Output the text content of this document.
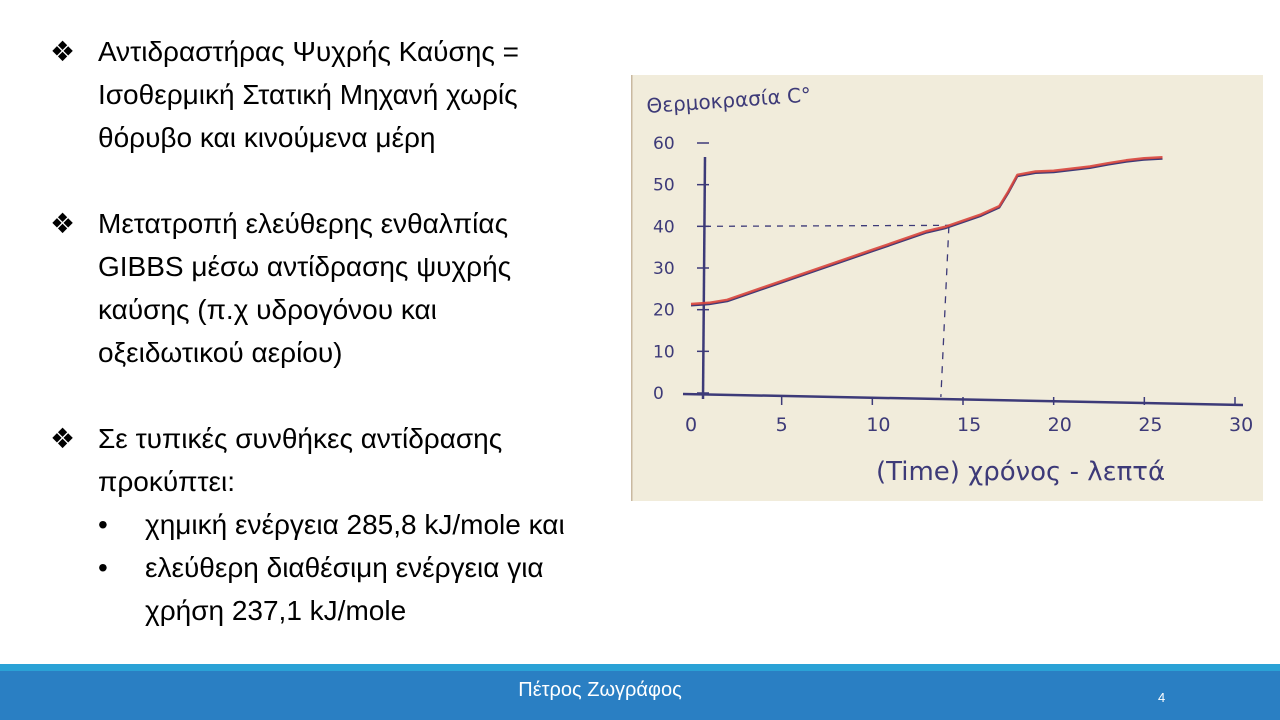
❖ Αντιδραστήρας Ψυχρής Καύσης =
Ισοθερμική Στατική Μηχανή χωρίς
θόρυβο και κινούμενα μέρη
❖ Μετατροπή ελεύθερης ενθαλπίας
GIBBS μέσω αντίδρασης ψυχρής
καύσης (π.χ υδρογόνου και
οξειδωτικού αερίου)
❖ Σε τυπικές συνθήκες αντίδρασης
προκύπτει:
• χημική ενέργεια 285,8 kJ/mole και
• ελεύθερη διαθέσιμη ενέργεια για
χρήση 237,1 kJ/mole
0	5	10	15	20	25	30
0
10
20
30
40
50
60
Θερμοκρασία C°
(Time) χρόνος - λεπτά
Πέτρος Ζωγράφος	4
